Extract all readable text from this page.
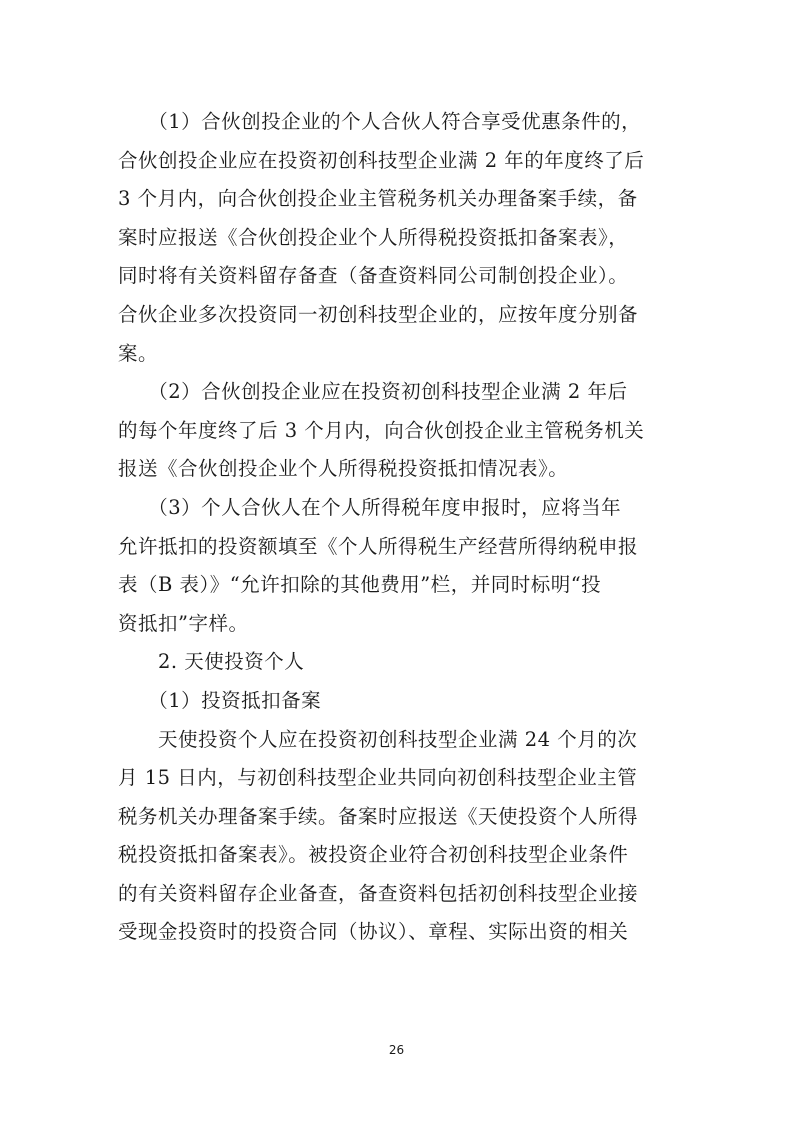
　　（1）合伙创投企业的个人合伙人符合享受优惠条件的，
合伙创投企业应在投资初创科技型企业满 2 年的年度终了后
3 个月内，向合伙创投企业主管税务机关办理备案手续，备
案时应报送《合伙创投企业个人所得税投资抵扣备案表》，
同时将有关资料留存备查（备查资料同公司制创投企业）。
合伙企业多次投资同一初创科技型企业的，应按年度分别备
案。
　　（2）合伙创投企业应在投资初创科技型企业满 2 年后
的每个年度终了后 3 个月内，向合伙创投企业主管税务机关
报送《合伙创投企业个人所得税投资抵扣情况表》。
　　（3）个人合伙人在个人所得税年度申报时，应将当年
允许抵扣的投资额填至《个人所得税生产经营所得纳税申报
表（B 表）》“允许扣除的其他费用”栏，并同时标明“投
资抵扣”字样。
　　2. 天使投资个人
　　（1）投资抵扣备案
　　天使投资个人应在投资初创科技型企业满 24 个月的次
月 15 日内，与初创科技型企业共同向初创科技型企业主管
税务机关办理备案手续。备案时应报送《天使投资个人所得
税投资抵扣备案表》。被投资企业符合初创科技型企业条件
的有关资料留存企业备查，备查资料包括初创科技型企业接
受现金投资时的投资合同（协议）、章程、实际出资的相关
26
